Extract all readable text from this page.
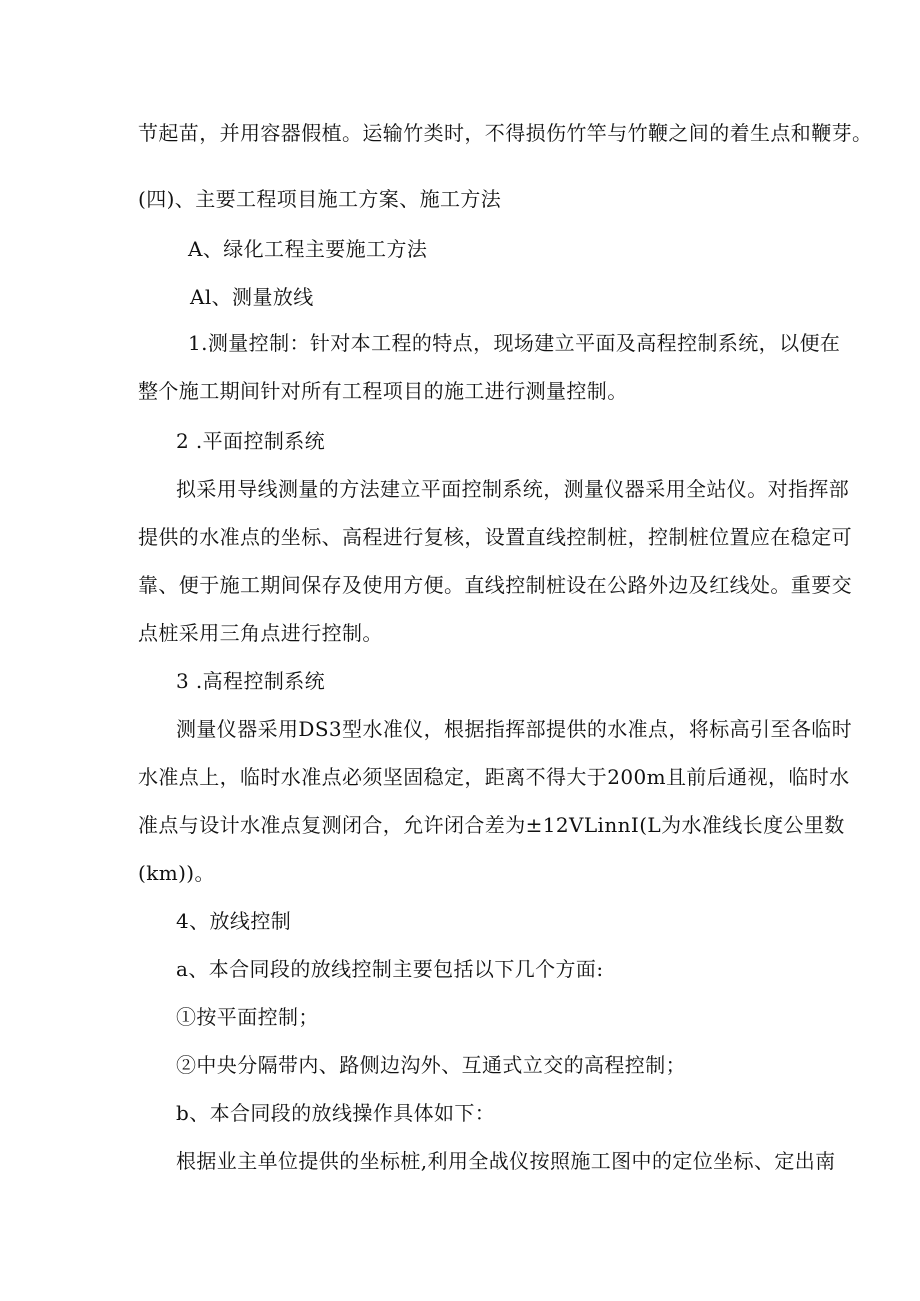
节起苗，并用容器假植。运输竹类时，不得损伤竹竿与竹鞭之间的着生点和鞭芽。
(四)、主要工程项目施工方案、施工方法
A、绿化工程主要施工方法
Al、测量放线
1.测量控制：针对本工程的特点，现场建立平面及高程控制系统，以便在
整个施工期间针对所有工程项目的施工进行测量控制。
2 .平面控制系统
拟采用导线测量的方法建立平面控制系统，测量仪器采用全站仪。对指挥部
提供的水准点的坐标、高程进行复核，设置直线控制桩，控制桩位置应在稳定可
靠、便于施工期间保存及使用方便。直线控制桩设在公路外边及红线处。重要交
点桩采用三角点进行控制。
3 .高程控制系统
测量仪器采用DS3型水准仪，根据指挥部提供的水准点，将标高引至各临时
水准点上，临时水准点必须坚固稳定，距离不得大于200m且前后通视，临时水
准点与设计水准点复测闭合，允许闭合差为±12VLinnI(L为水准线长度公里数
(km))。
4、放线控制
a、本合同段的放线控制主要包括以下几个方面:
①按平面控制；
②中央分隔带内、路侧边沟外、互通式立交的高程控制；
b、本合同段的放线操作具体如下：
根据业主单位提供的坐标桩,利用全战仪按照施工图中的定位坐标、定出南
